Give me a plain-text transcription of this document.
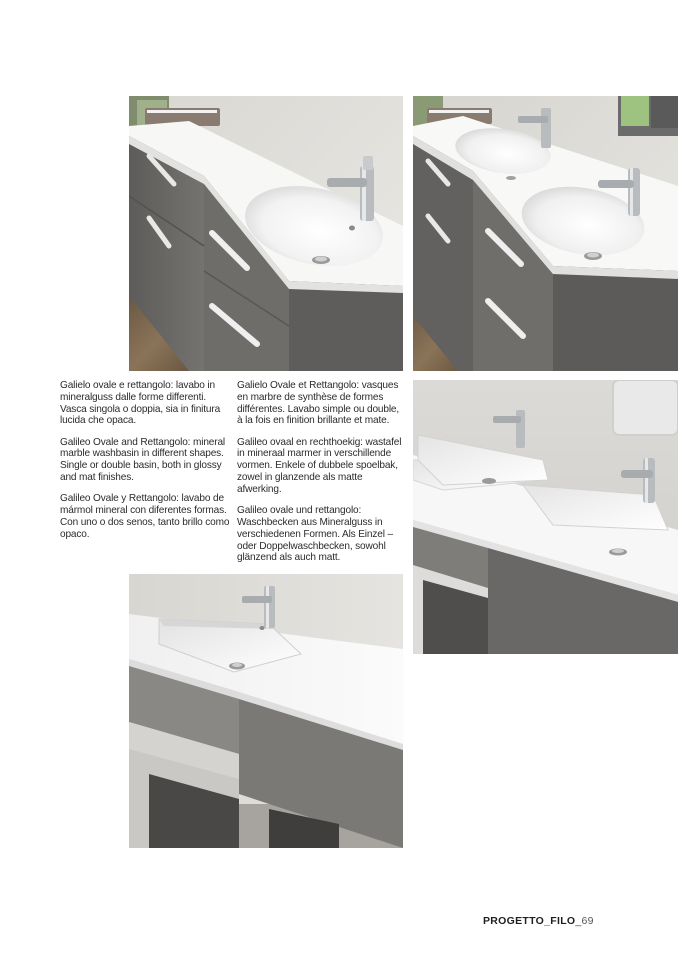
Galielo ovale e rettangolo: lavabo in mineralguss dalle forme differenti. Vasca singola o doppia, sia in finitura lucida che opaca.

Galileo Ovale and Rettangolo: mineral marble washbasin in different shapes. Single or double basin, both in glossy and mat finishes.

Galileo Ovale y Rettangolo: lavabo de mármol mineral con diferentes formas. Con uno o dos senos, tanto brillo como opaco.

Galielo Ovale et Rettangolo: vasques en marbre de synthèse de formes différentes. Lavabo simple ou double, à la fois en finition brillante et mate.

Galileo ovaal en rechthoekig: wastafel in mineraal marmer in verschillende vormen. Enkele of dubbele spoelbak, zowel in glanzende als matte afwerking.

Galileo ovale und rettangolo: Waschbecken aus Mineralguss in verschiedenen Formen. Als Einzel – oder Doppelwaschbecken, sowohl glänzend als auch matt.

PROGETTO_FILO_69
